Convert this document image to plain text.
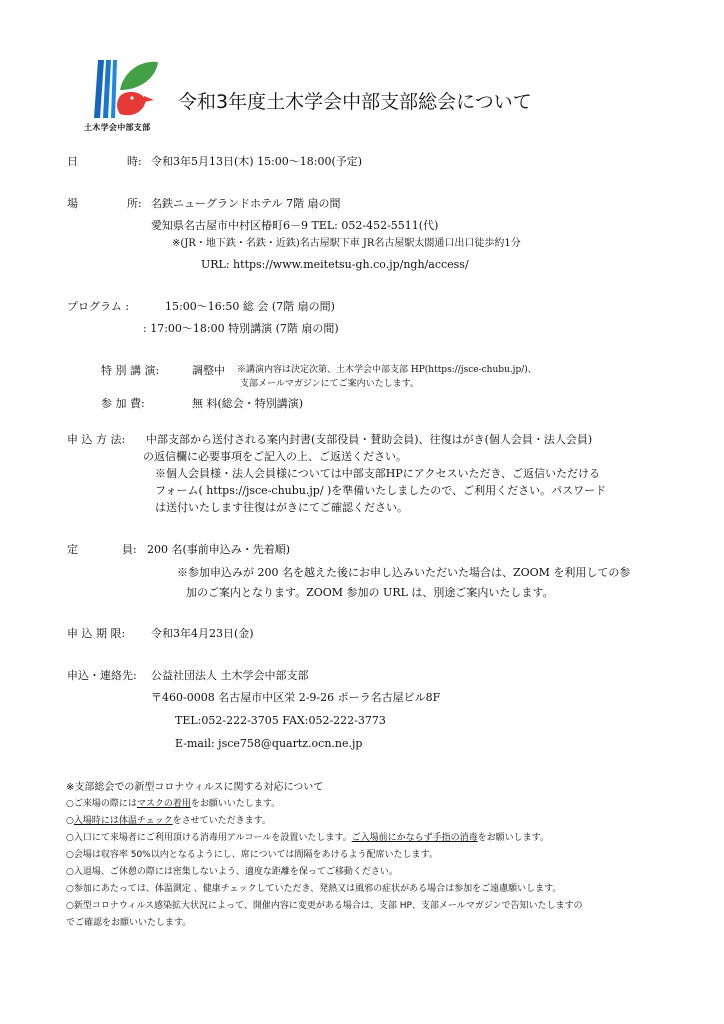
土木学会中部支部
令和3年度土木学会中部支部総会について
日	時: 令和3年5月13日(木) 15:00～18:00(予定)
場	所: 名鉄ニューグランドホテル 7階 扇の間
愛知県名古屋市中村区椿町6－9 TEL: 052-452-5511(代)
※(JR・地下鉄・名鉄・近鉄)名古屋駅下車 JR名古屋駅太閤通口出口徒歩約1分
URL: https://www.meitetsu-gh.co.jp/ngh/access/
プログラム :	15:00～16:50 総 会 (7階 扇の間)
: 17:00～18:00 特別講演 (7階 扇の間)
特 別 講 演:	調整中 ※講演内容は決定次第、土木学会中部支部 HP(https://jsce-chubu.jp/)、
支部メールマガジンにてご案内いたします。
参 加 費:	無 料(総会・特別講演)
申 込 方 法: 中部支部から送付される案内封書(支部役員・賛助会員)、往復はがき(個人会員・法人会員)
の返信欄に必要事項をご記入の上、ご返送ください。
※個人会員様・法人会員様については中部支部HPにアクセスいただき、ご返信いただける
フォーム( https://jsce-chubu.jp/ )を準備いたしましたので、ご利用ください。パスワード
は送付いたします往復はがきにてご確認ください。
定	員: 200 名(事前申込み・先着順)
※参加申込みが 200 名を越えた後にお申し込みいただいた場合は、ZOOM を利用しての参
加のご案内となります。ZOOM 参加の URL は、別途ご案内いたします。
申 込 期 限: 令和3年4月23日(金)
申込・連絡先: 公益社団法人 土木学会中部支部
〒460-0008 名古屋市中区栄 2-9-26 ポーラ名古屋ビル8F
TEL:052-222-3705 FAX:052-222-3773
E-mail: jsce758@quartz.ocn.ne.jp
※支部総会での新型コロナウィルスに関する対応について
○ご来場の際にはマスクの着用をお願いいたします。
○入場時には体温チェックをさせていただきます。
○入口にて来場者にご利用頂ける消毒用アルコールを設置いたします。ご入場前にかならず手指の消毒をお願いします。
○会場は収容率 50%以内となるようにし、席については間隔をあけるよう配席いたします。
○入退場、ご休憩の際には密集しないよう、適度な距離を保ってご移動ください。
○参加にあたっては、体温測定 、健康チェックしていただき、発熱又は風邪の症状がある場合は参加をご遠慮願いします。
○新型コロナウィルス感染拡大状況によって、開催内容に変更がある場合は、支部 HP、支部メールマガジンで告知いたしますの
でご確認をお願いいたします。
